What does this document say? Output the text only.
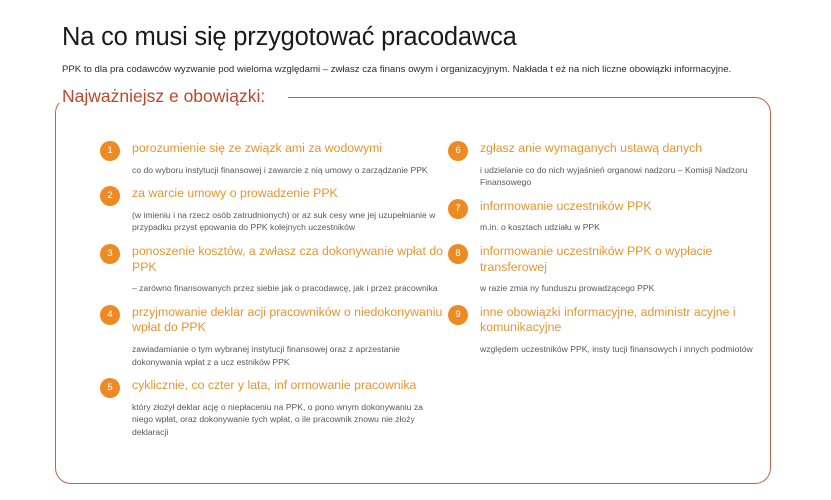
Na co musi się przygotować pracodawca

PPK to dla pra codawców wyzwanie pod wieloma względami – zwłasz cza finans owym i organizacyjnym. Nakłada t eż na nich liczne obowiązki informacyjne.

Najważniejsz e obowiązki:
1	porozumienie się ze związk ami za wodowymi
co do wyboru instytucji finansowej i zawarcie z nią umowy o zarządzanie PPK
2	za warcie umowy o prowadzenie PPK
(w imieniu i na rzecz osób zatrudnionych) or az suk cesy wne jej uzupełnianie w przypadku przyst ępowania do PPK kolejnych uczestników
3	ponoszenie kosztów, a zwłasz cza dokonywanie wpłat do PPK
– zarówno finansowanych przez siebie jak o pracodawcę, jak i przez pracownika
4	przyjmowanie deklar acji pracowników o niedokonywaniu wpłat do PPK
zawiadamianie o tym wybranej instytucji finansowej oraz z aprzestanie dokonywania wpłat z a ucz estników PPK
5	cyklicznie, co czter y lata, inf ormowanie pracownika
który złożył deklar ację o niepłaceniu na PPK, o pono wnym dokonywaniu za niego wpłat, oraz dokonywanie tych wpłat, o ile pracownik znowu nie złoży deklaracji
6	zgłasz anie wymaganych ustawą danych
i udzielanie co do nich wyjaśnień organowi nadzoru – Komisji Nadzoru Finansowego
7	informowanie uczestników PPK
m.in. o kosztach udziału w PPK
8	informowanie uczestników PPK o wypłacie transferowej
w razie zmia ny funduszu prowadzącego PPK
9	inne obowiązki informacyjne, administr acyjne i komunikacyjne
względem uczestników PPK, insty tucji finansowych i innych podmiotów
